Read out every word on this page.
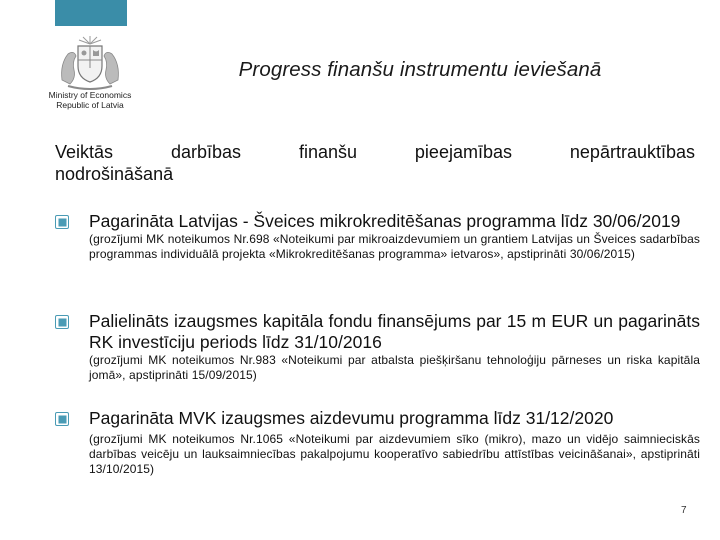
Ministry of Economics
Republic of Latvia
Progress finanšu instrumentu ieviešanā
Veiktās	darbības	finanšu	pieejamības	nepārtrauktības
nodrošināšanā
Pagarināta Latvijas - Šveices mikrokreditēšanas programma līdz 30/06/2019
(grozījumi MK noteikumos Nr.698 «Noteikumi par mikroaizdevumiem un grantiem Latvijas un Šveices sadarbības programmas individuālā projekta «Mikrokreditēšanas programma» ietvaros», apstiprināti 30/06/2015)
Palielināts izaugsmes kapitāla fondu finansējums par 15 m EUR un pagarināts RK investīciju periods līdz 31/10/2016
(grozījumi MK noteikumos Nr.983 «Noteikumi par atbalsta piešķiršanu tehnoloģiju pārneses un riska kapitāla jomā», apstiprināti 15/09/2015)
Pagarināta MVK izaugsmes aizdevumu programma līdz 31/12/2020
(grozījumi MK noteikumos Nr.1065 «Noteikumi par aizdevumiem sīko (mikro), mazo un vidējo saimnieciskās darbības veicēju un lauksaimniecības pakalpojumu kooperatīvo sabiedrību attīstības veicināšanai», apstiprināti 13/10/2015)
7
